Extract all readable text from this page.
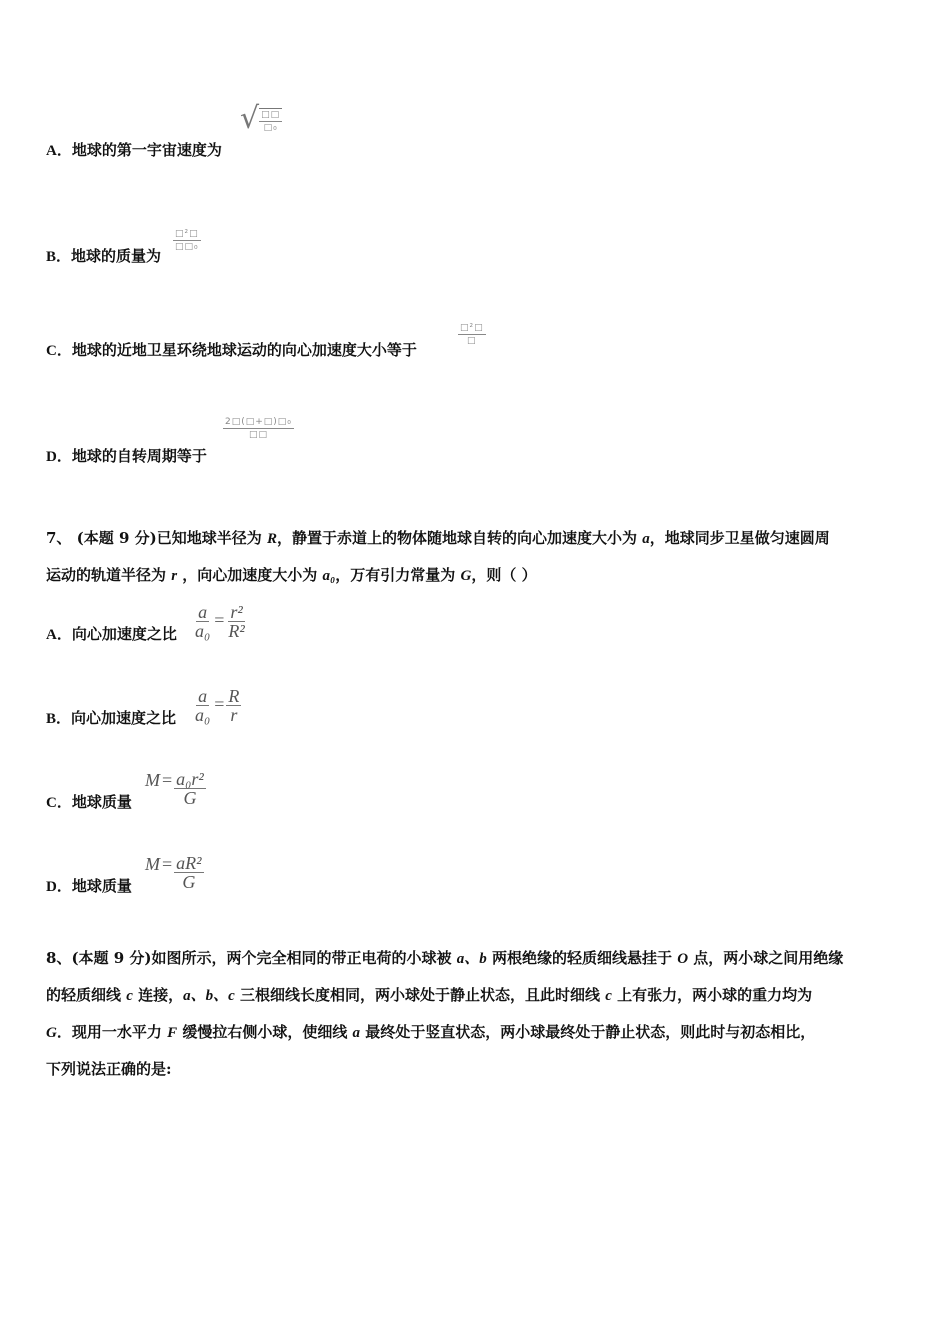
A．地球的第一宇宙速度为
√ $\frac{□□}{\text{□₀}}$
B．地球的质量为
$\frac{\text{□²□}}{\text{□□₀}}$
C．地球的近地卫星环绕地球运动的向心加速度大小等于
$\frac{\text{□²□}}{□}$
D．地球的自转周期等于
$\frac{\text{2□(□+□)□₀}}{□□}$
7、 (本题 9 分)已知地球半径为 R，静置于赤道上的物体随地球自转的向心加速度大小为 a，地球同步卫星做匀速圆周
运动的轨道半径为 r ，向心加速度大小为 a₀，万有引力常量为 G，则（ ）
A．向心加速度之比 $\frac{a}{\text{a₀}} = \frac{\text{r²}}{\text{R²}}$
B．向心加速度之比 $\frac{a}{\text{a₀}} = \frac{R}{r}$
C．地球质量
$M = \frac{\text{a₀r²}}{G}$
D．地球质量
$M = \frac{\text{aR²}}{G}$
8、(本题 9 分)如图所示，两个完全相同的带正电荷的小球被 a、b 两根绝缘的轻质细线悬挂于 O 点，两小球之间用绝缘
的轻质细线 c 连接，a、b、c 三根细线长度相同，两小球处于静止状态，且此时细线 c 上有张力，两小球的重力均为
G．现用一水平力 F 缓慢拉右侧小球，使细线 a 最终处于竖直状态，两小球最终处于静止状态，则此时与初态相比，
下列说法正确的是:
